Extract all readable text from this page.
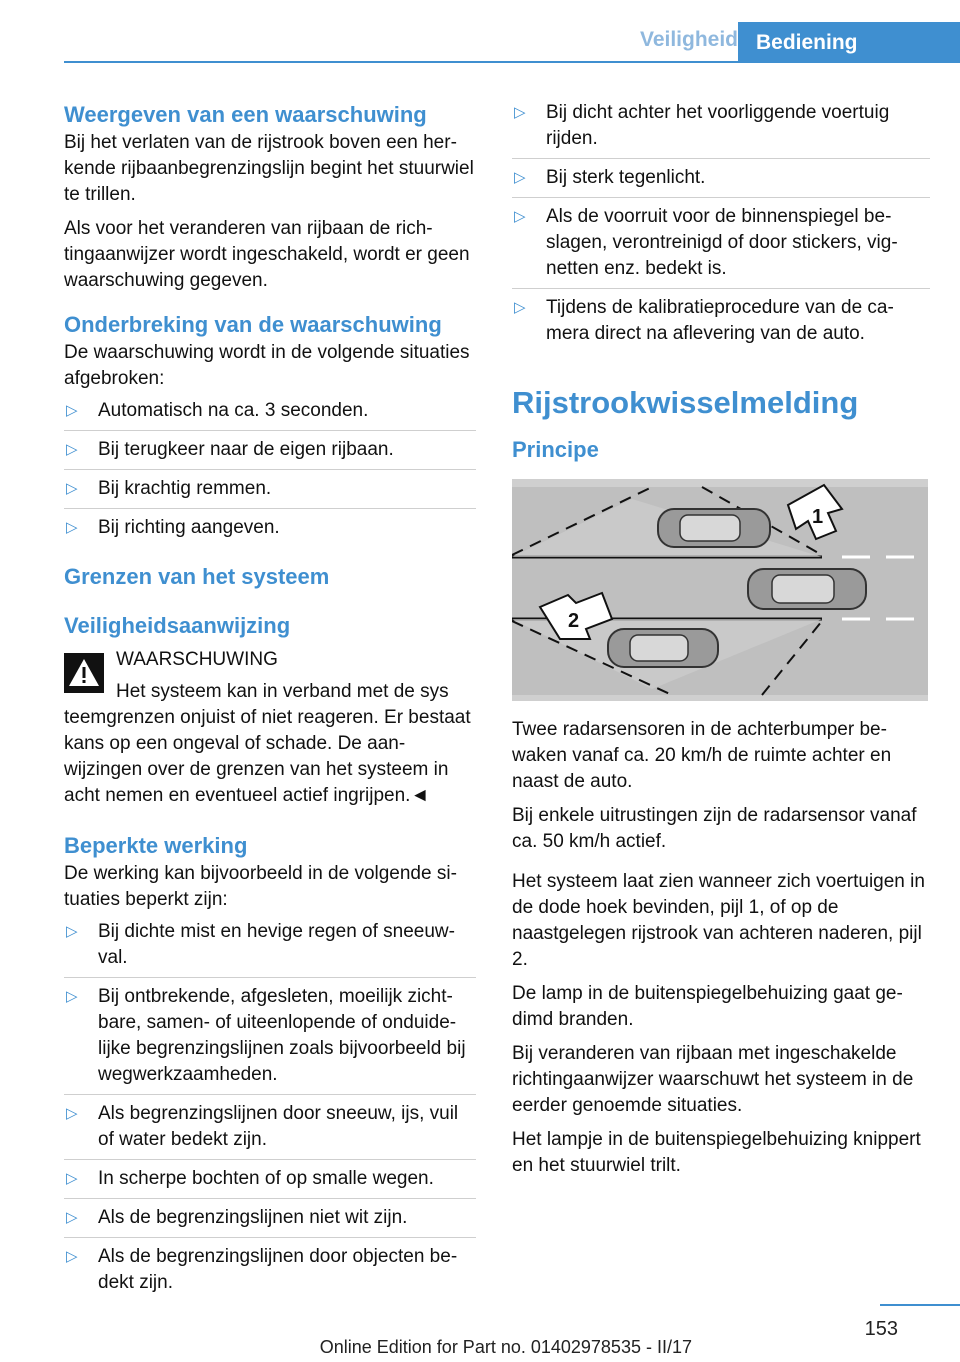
Veiligheid Bediening
Weergeven van een waarschuwing

Bij het verlaten van de rijstrook boven een herkende rijbaanbegrenzingslijn begint het stuurwiel te trillen.

Als voor het veranderen van rijbaan de richtingaanwijzer wordt ingeschakeld, wordt er geen waarschuwing gegeven.

Onderbreking van de waarschuwing

De waarschuwing wordt in de volgende situaties afgebroken:

▷ Automatisch na ca. 3 seconden.
▷ Bij terugkeer naar de eigen rijbaan.
▷ Bij krachtig remmen.
▷ Bij richting aangeven.
Grenzen van het systeem
Veiligheidsaanwijzing

WAARSCHUWING

Het systeem kan in verband met de sys

teemgrenzen onjuist of niet reageren. Er bestaat kans op een ongeval of schade. De aanwijzingen over de grenzen van het systeem in acht nemen en eventueel actief ingrijpen.◄

Beperkte werking

De werking kan bijvoorbeeld in de volgende situaties beperkt zijn:

▷ Bij dichte mist en hevige regen of sneeuwval.
▷ Bij ontbrekende, afgesleten, moeilijk zichtbare, samen- of uiteenlopende of onduidelijke begrenzingslijnen zoals bijvoorbeeld bij wegwerkzaamheden.
▷ Als begrenzingslijnen door sneeuw, ijs, vuil of water bedekt zijn.
▷ In scherpe bochten of op smalle wegen.
▷ Als de begrenzingslijnen niet wit zijn.
▷ Als de begrenzingslijnen door objecten bedekt zijn.
▷ Bij dicht achter het voorliggende voertuig rijden.
▷ Bij sterk tegenlicht.
▷ Als de voorruit voor de binnenspiegel beslagen, verontreinigd of door stickers, vignetten enz. bedekt is.
▷ Tijdens de kalibratieprocedure van de camera direct na aflevering van de auto.
Rijstrookwisselmelding
Principe
1
2

Twee radarsensoren in de achterbumper bewaken vanaf ca. 20 km/h de ruimte achter en naast de auto.

Bij enkele uitrustingen zijn de radarsensor vanaf ca. 50 km/h actief.

Het systeem laat zien wanneer zich voertuigen in de dode hoek bevinden, pijl 1, of op de naastgelegen rijstrook van achteren naderen, pijl 2.

De lamp in de buitenspiegelbehuizing gaat gedimd branden.

Bij veranderen van rijbaan met ingeschakelde richtingaanwijzer waarschuwt het systeem in de eerder genoemde situaties.

Het lampje in de buitenspiegelbehuizing knippert en het stuurwiel trilt.

153
Online Edition for Part no. 01402978535 - II/17
